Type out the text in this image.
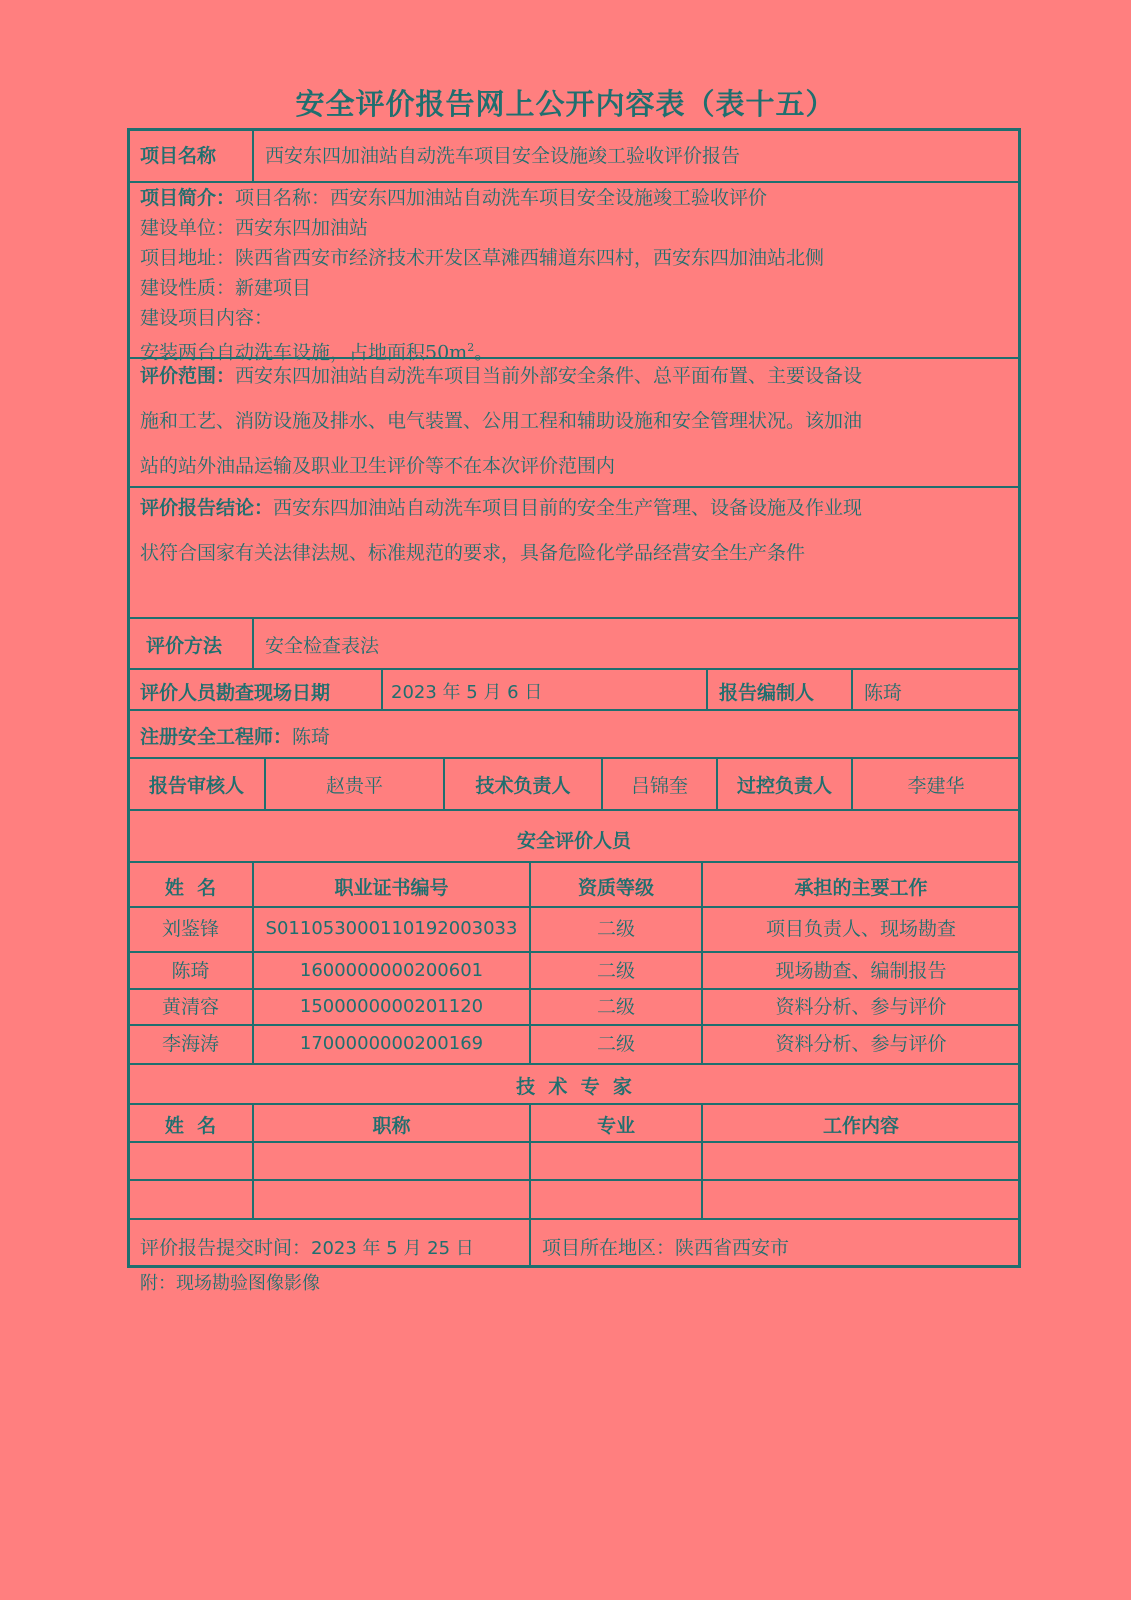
安全评价报告网上公开内容表（表十五）
项目名称	西安东四加油站自动洗车项目安全设施竣工验收评价报告
项目简介：项目名称：西安东四加油站自动洗车项目安全设施竣工验收评价
建设单位：西安东四加油站
项目地址：陕西省西安市经济技术开发区草滩西辅道东四村，西安东四加油站北侧
建设性质：新建项目
建设项目内容：
安装两台自动洗车设施，占地面积$50m^2$。
评价范围：西安东四加油站自动洗车项目当前外部安全条件、总平面布置、主要设备设
施和工艺、消防设施及排水、电气装置、公用工程和辅助设施和安全管理状况。该加油
站的站外油品运输及职业卫生评价等不在本次评价范围内
评价报告结论：西安东四加油站自动洗车项目目前的安全生产管理、设备设施及作业现
状符合国家有关法律法规、标准规范的要求，具备危险化学品经营安全生产条件
评价方法 安全检查表法
评价人员勘查现场日期	2023 年 5 月 6 日	报告编制人	陈琦
注册安全工程师：陈琦
报告审核人	赵贵平	技术负责人	吕锦奎	过控负责人	李建华
安全评价人员
姓  名	职业证书编号	资质等级	承担的主要工作
刘鉴锋	S011053000110192003033	二级	项目负责人、现场勘查
陈琦	1600000000200601	二级	现场勘查、编制报告
黄清容	1500000000201120	二级	资料分析、参与评价
李海涛	1700000000200169	二级	资料分析、参与评价
技  术  专  家
姓  名	职称	专业	工作内容
评价报告提交时间：2023 年 5 月 25 日	项目所在地区：陕西省西安市
附：现场勘验图像影像
